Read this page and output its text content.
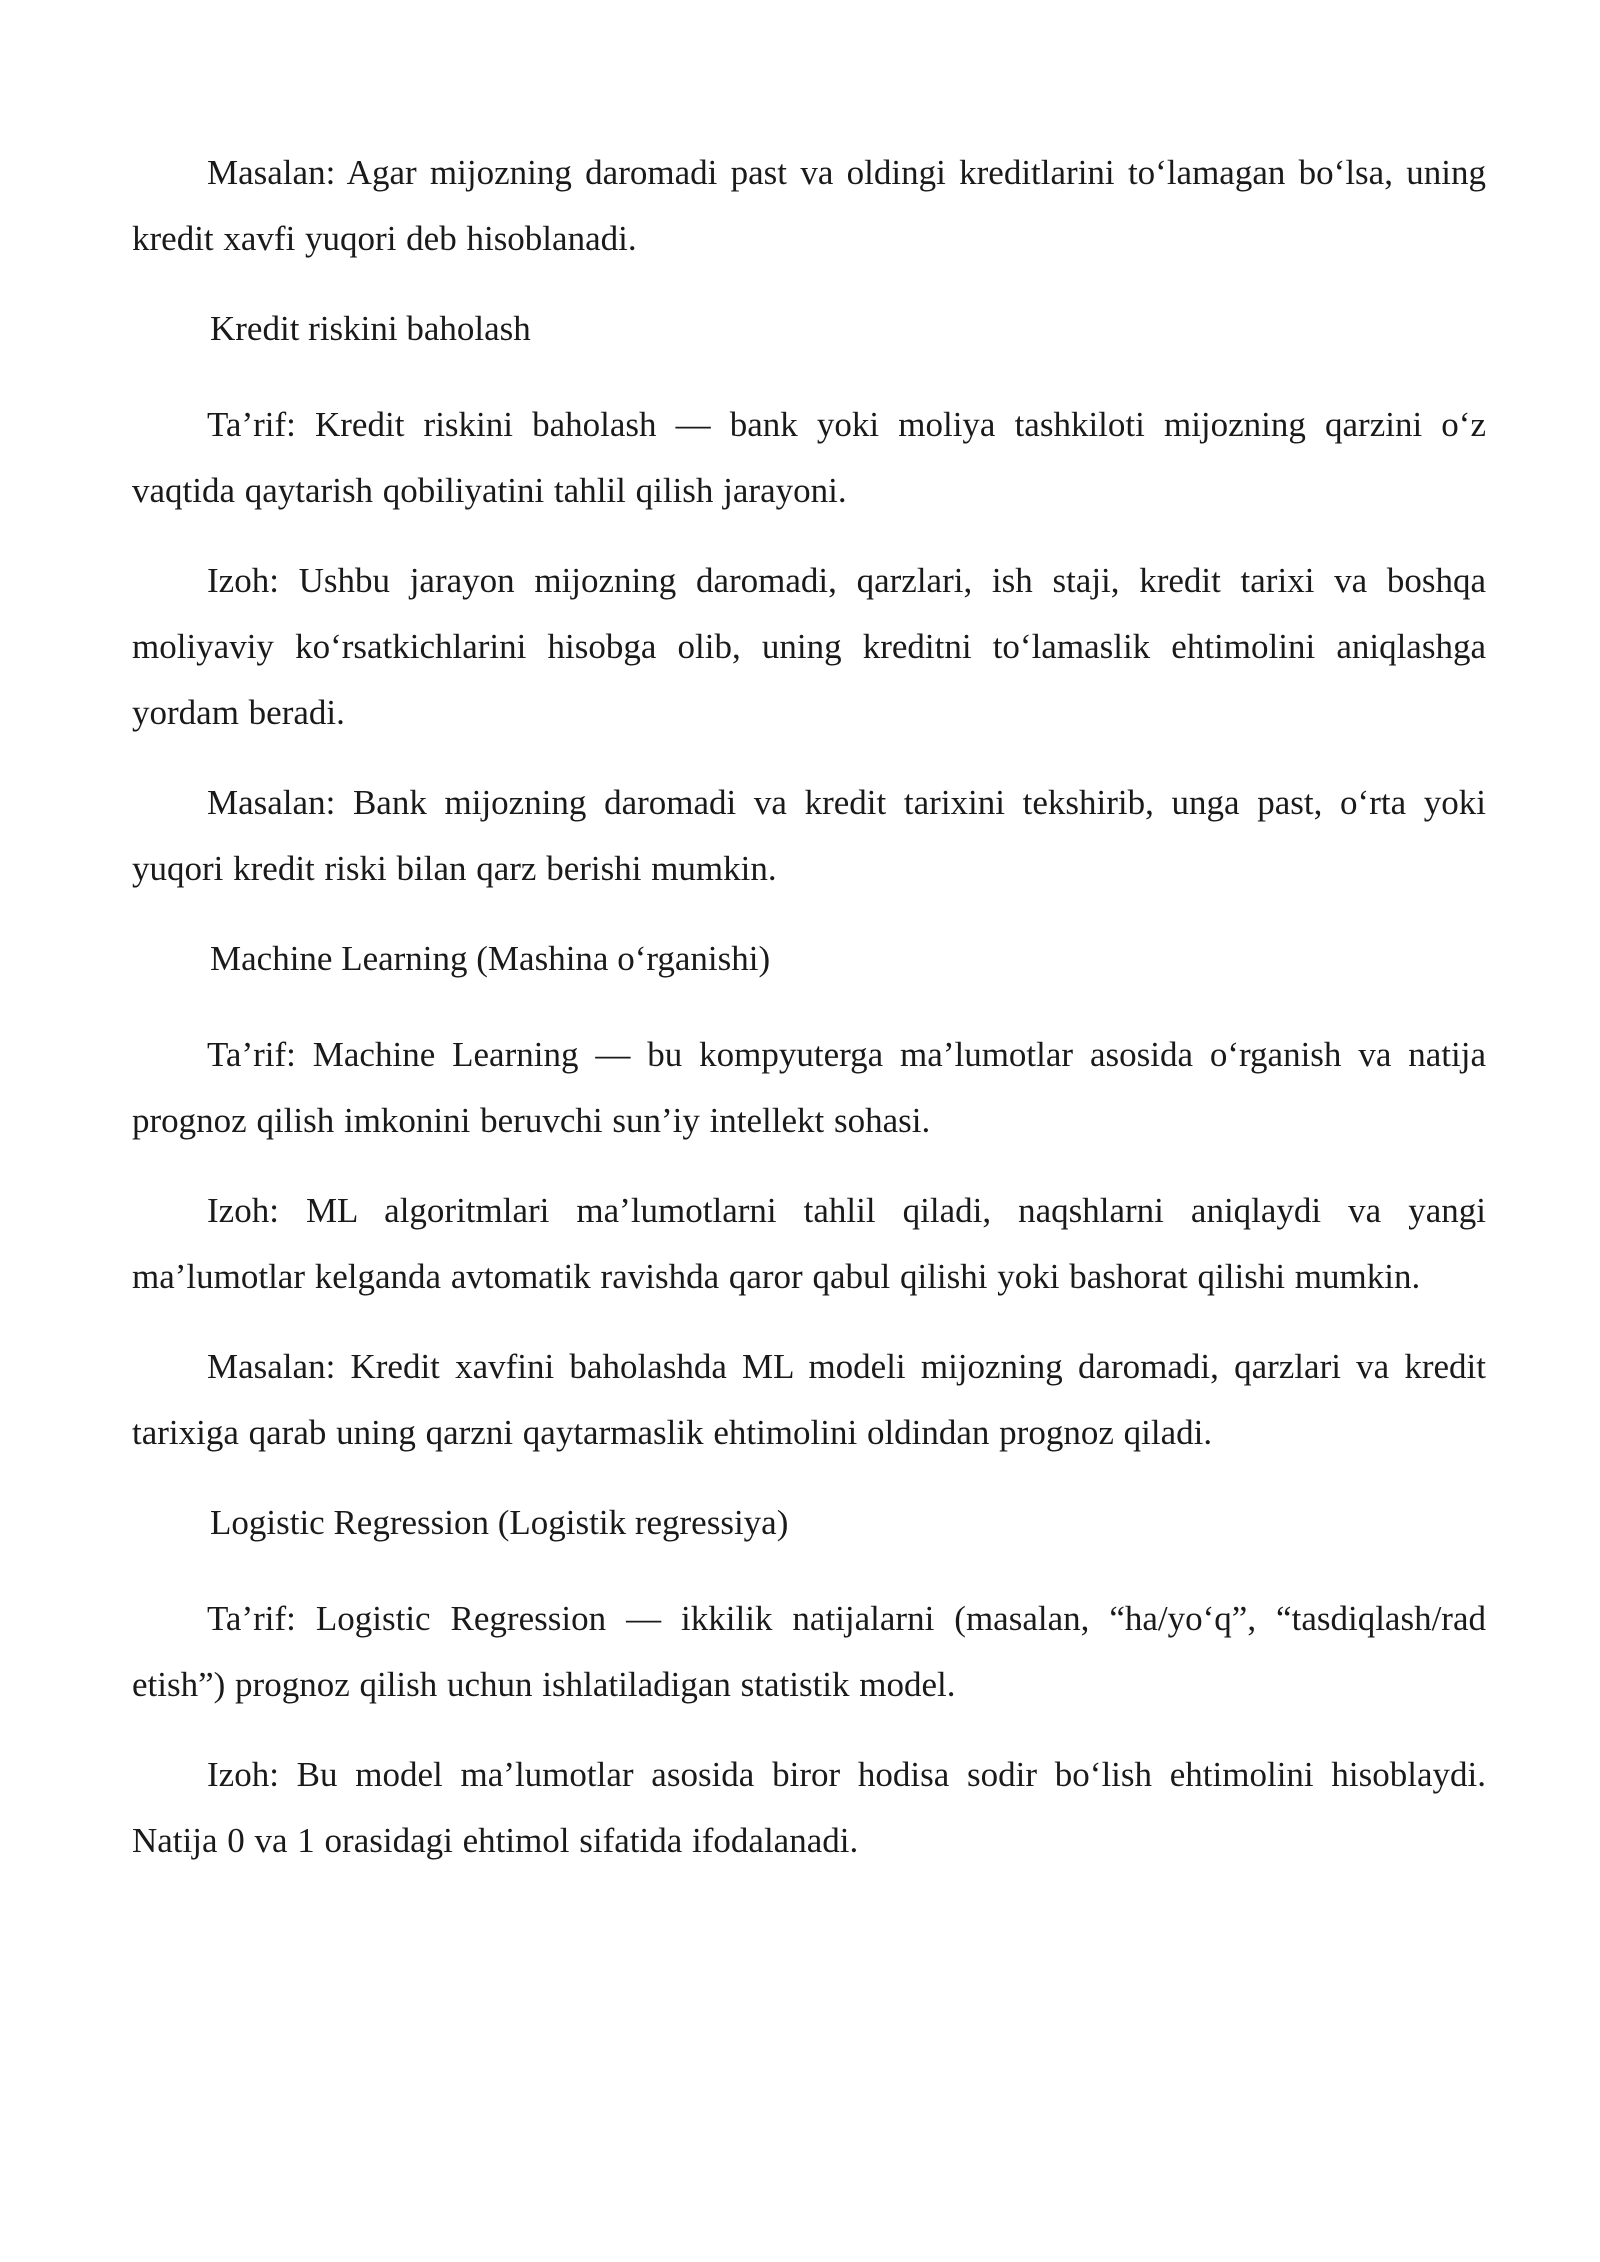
Masalan: Agar mijozning daromadi past va oldingi kreditlarini to‘lamagan bo‘lsa, uning kredit xavfi yuqori deb hisoblanadi.

Kredit riskini baholash

Ta’rif: Kredit riskini baholash — bank yoki moliya tashkiloti mijozning qarzini o‘z vaqtida qaytarish qobiliyatini tahlil qilish jarayoni.

Izoh: Ushbu jarayon mijozning daromadi, qarzlari, ish staji, kredit tarixi va boshqa moliyaviy ko‘rsatkichlarini hisobga olib, uning kreditni to‘lamaslik ehtimolini aniqlashga yordam beradi.

Masalan: Bank mijozning daromadi va kredit tarixini tekshirib, unga past, o‘rta yoki yuqori kredit riski bilan qarz berishi mumkin.

Machine Learning (Mashina o‘rganishi)

Ta’rif: Machine Learning — bu kompyuterga ma’lumotlar asosida o‘rganish va natija prognoz qilish imkonini beruvchi sun’iy intellekt sohasi.

Izoh: ML algoritmlari ma’lumotlarni tahlil qiladi, naqshlarni aniqlaydi va yangi ma’lumotlar kelganda avtomatik ravishda qaror qabul qilishi yoki bashorat qilishi mumkin.

Masalan: Kredit xavfini baholashda ML modeli mijozning daromadi, qarzlari va kredit tarixiga qarab uning qarzni qaytarmaslik ehtimolini oldindan prognoz qiladi.

Logistic Regression (Logistik regressiya)

Ta’rif: Logistic Regression — ikkilik natijalarni (masalan, “ha/yo‘q”, “tasdiqlash/rad etish”) prognoz qilish uchun ishlatiladigan statistik model.

Izoh: Bu model ma’lumotlar asosida biror hodisa sodir bo‘lish ehtimolini hisoblaydi. Natija 0 va 1 orasidagi ehtimol sifatida ifodalanadi.
